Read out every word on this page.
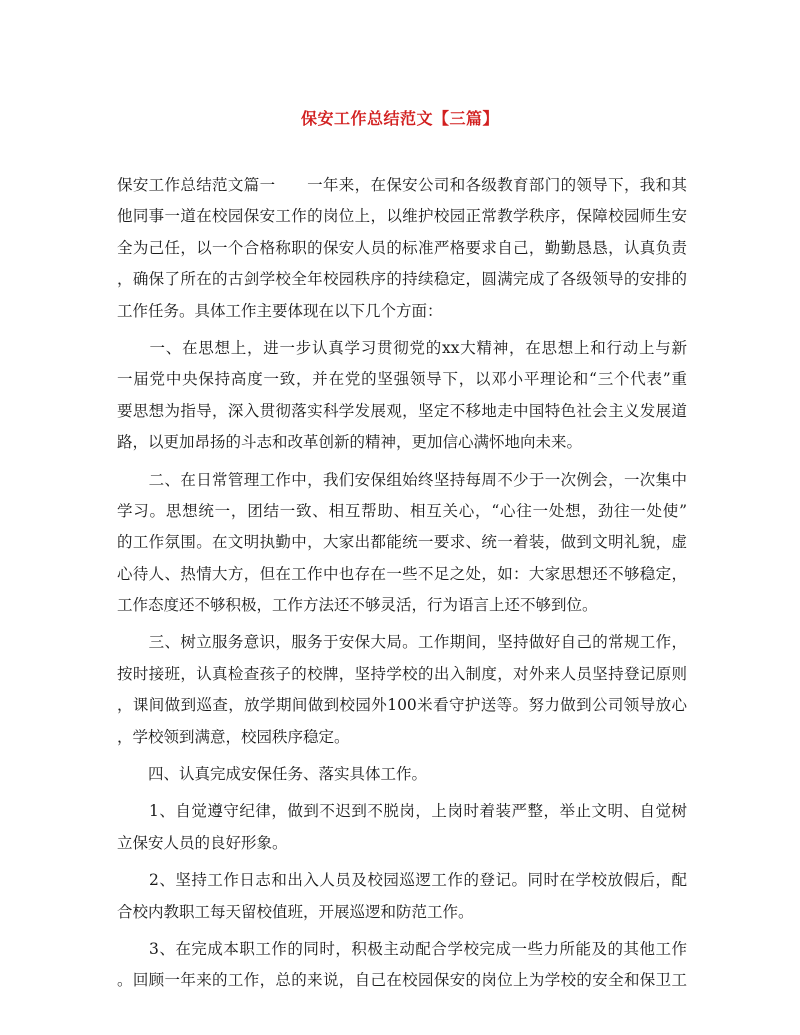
保安工作总结范文【三篇】
保安工作总结范文篇一　　一年来，在保安公司和各级教育部门的领导下，我和其
他同事一道在校园保安工作的岗位上，以维护校园正常教学秩序，保障校园师生安
全为己任，以一个合格称职的保安人员的标准严格要求自己，勤勤恳恳，认真负责
，确保了所在的古剑学校全年校园秩序的持续稳定，圆满完成了各级领导的安排的
工作任务。具体工作主要体现在以下几个方面：
　　一、在思想上，进一步认真学习贯彻党的xx大精神，在思想上和行动上与新
一届党中央保持高度一致，并在党的坚强领导下，以邓小平理论和“三个代表”重
要思想为指导，深入贯彻落实科学发展观，坚定不移地走中国特色社会主义发展道
路，以更加昂扬的斗志和改革创新的精神，更加信心满怀地向未来。
　　二、在日常管理工作中，我们安保组始终坚持每周不少于一次例会，一次集中
学习。思想统一，团结一致、相互帮助、相互关心，“心往一处想，劲往一处使”
的工作氛围。在文明执勤中，大家出都能统一要求、统一着装，做到文明礼貌，虚
心待人、热情大方，但在工作中也存在一些不足之处，如：大家思想还不够稳定，
工作态度还不够积极，工作方法还不够灵活，行为语言上还不够到位。
　　三、树立服务意识，服务于安保大局。工作期间，坚持做好自己的常规工作，
按时接班，认真检查孩子的校牌，坚持学校的出入制度，对外来人员坚持登记原则
，课间做到巡查，放学期间做到校园外100米看守护送等。努力做到公司领导放心
，学校领到满意，校园秩序稳定。
　　四、认真完成安保任务、落实具体工作。
　　1、自觉遵守纪律，做到不迟到不脱岗，上岗时着装严整，举止文明、自觉树
立保安人员的良好形象。
　　2、坚持工作日志和出入人员及校园巡逻工作的登记。同时在学校放假后，配
合校内教职工每天留校值班，开展巡逻和防范工作。
　　3、在完成本职工作的同时，积极主动配合学校完成一些力所能及的其他工作
。回顾一年来的工作，总的来说，自己在校园保安的岗位上为学校的安全和保卫工
